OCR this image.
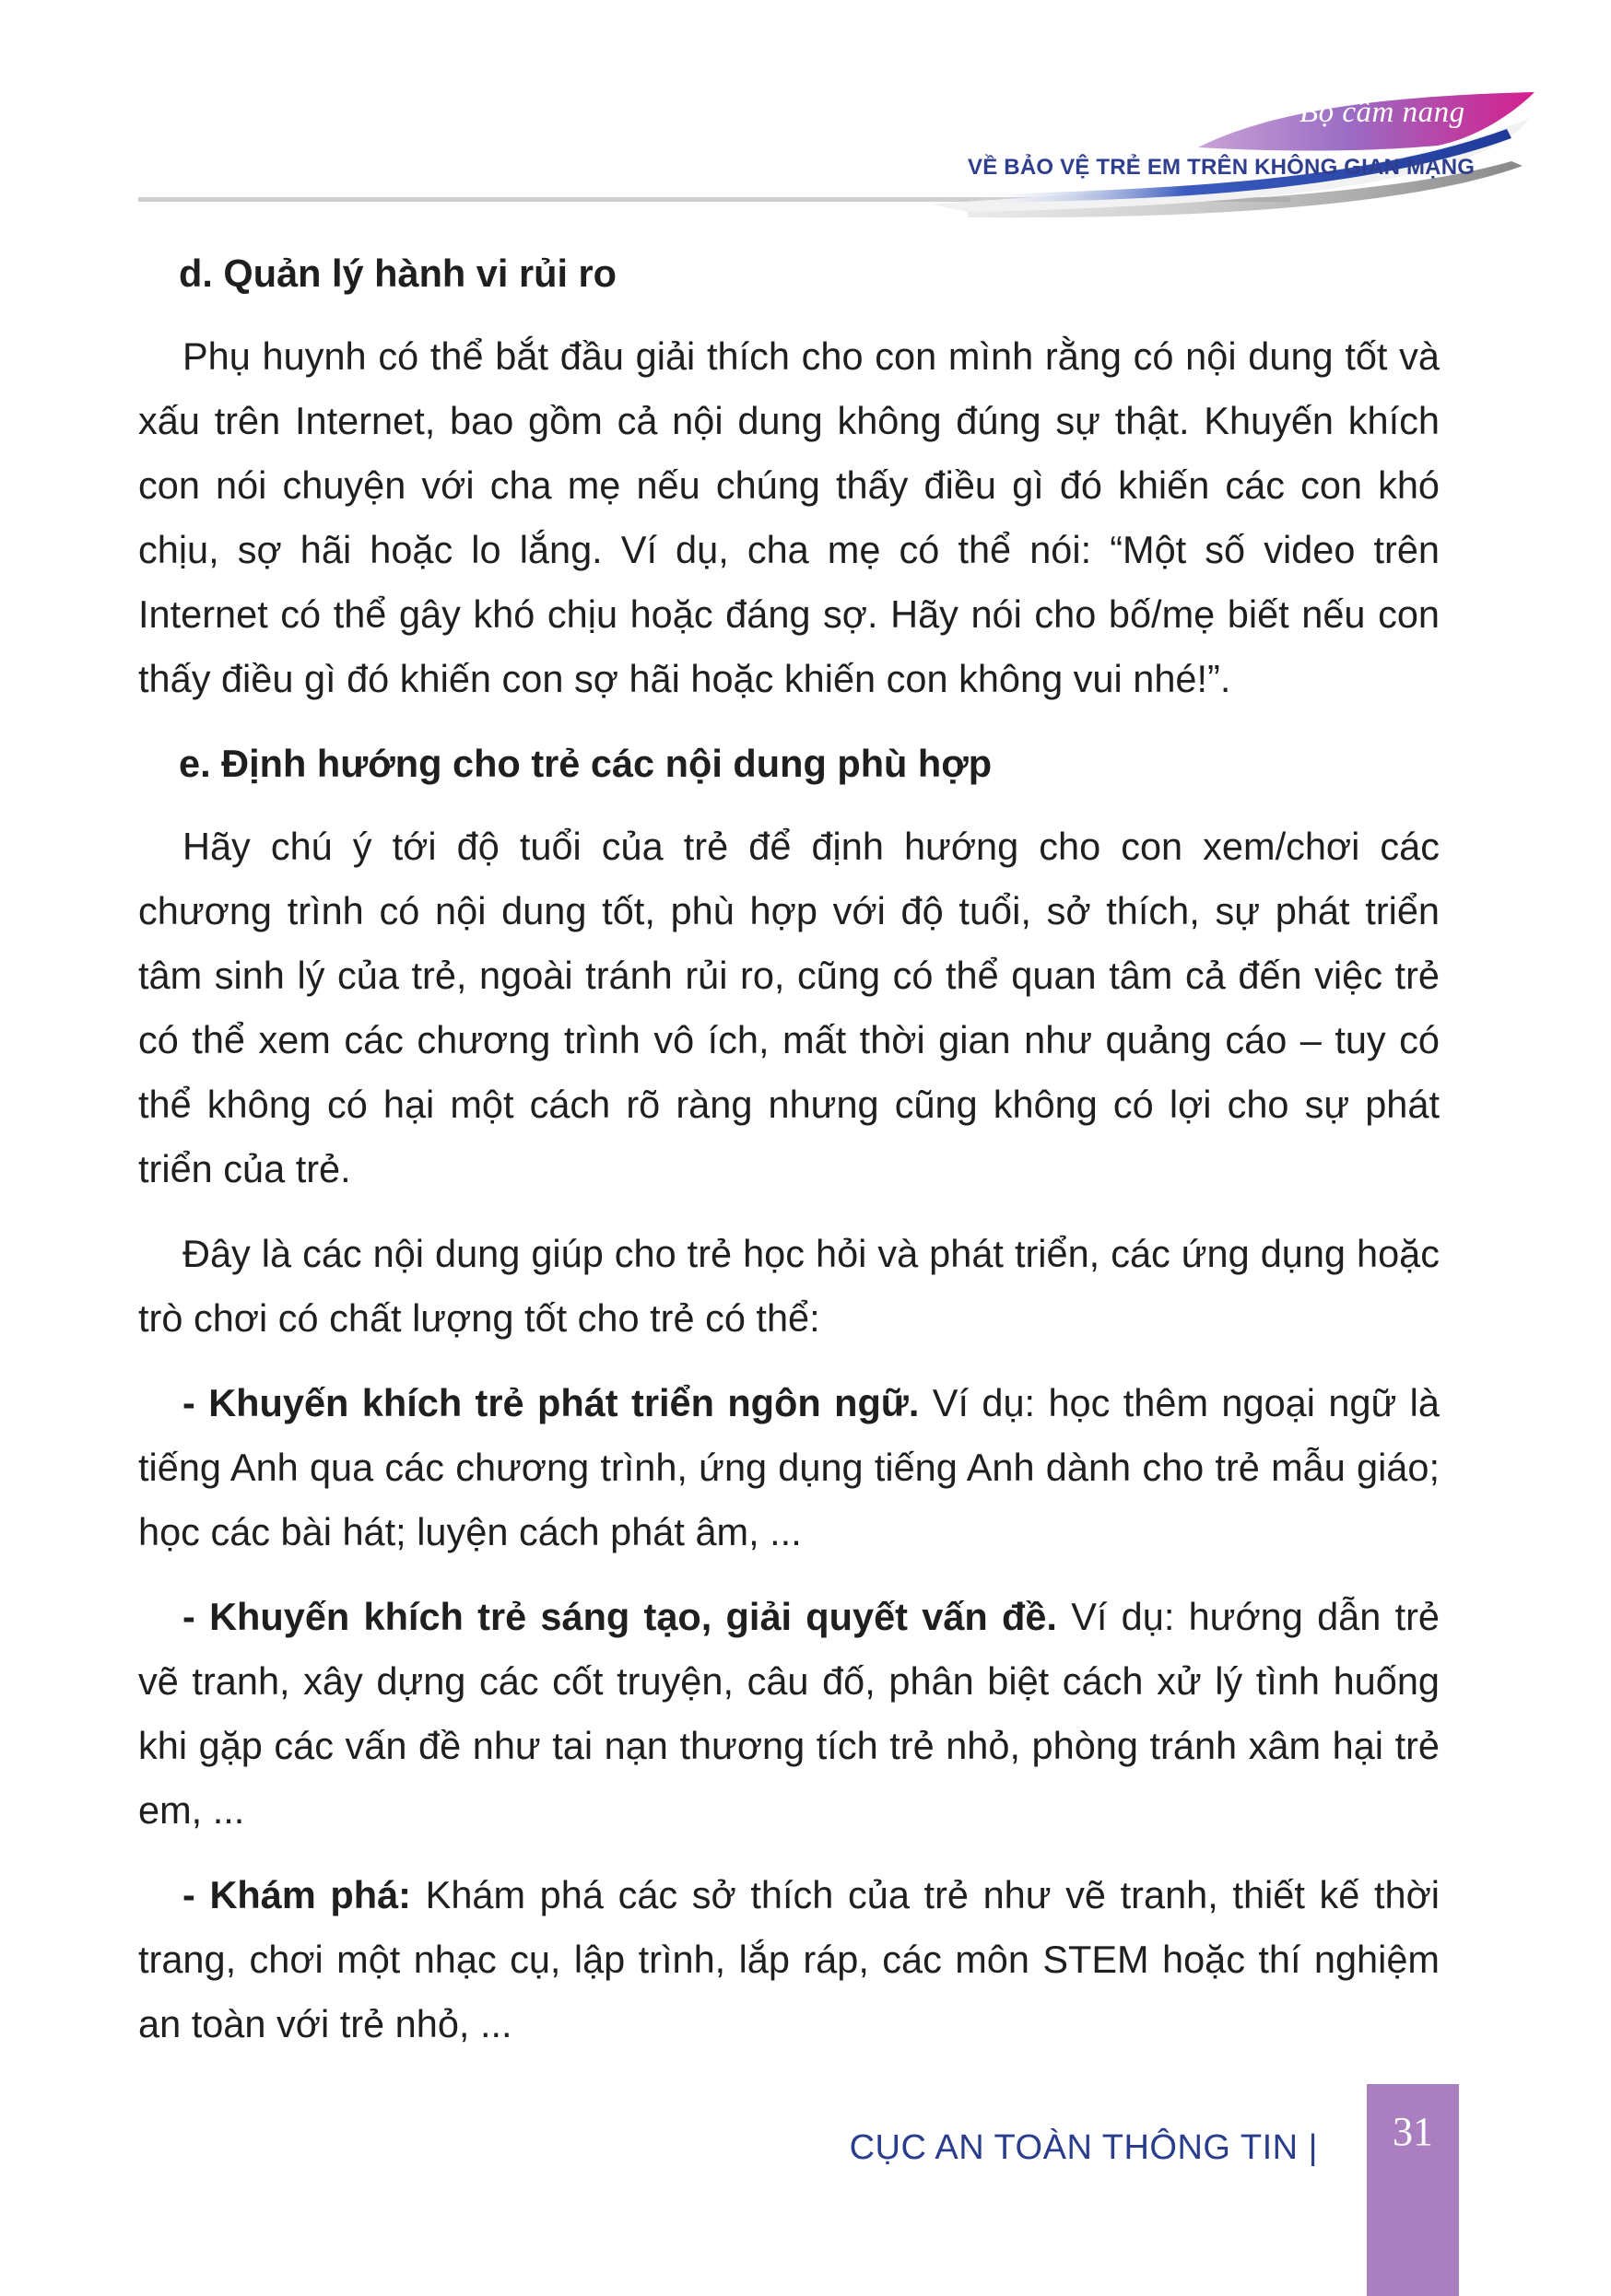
Bộ cẩm nang
VỀ BẢO VỆ TRẺ EM TRÊN KHÔNG GIAN MẠNG
d. Quản lý hành vi rủi ro

Phụ huynh có thể bắt đầu giải thích cho con mình rằng có nội dung tốt và xấu trên Internet, bao gồm cả nội dung không đúng sự thật. Khuyến khích con nói chuyện với cha mẹ nếu chúng thấy điều gì đó khiến các con khó chịu, sợ hãi hoặc lo lắng. Ví dụ, cha mẹ có thể nói: “Một số video trên Internet có thể gây khó chịu hoặc đáng sợ. Hãy nói cho bố/mẹ biết nếu con thấy điều gì đó khiến con sợ hãi hoặc khiến con không vui nhé!”.

e. Định hướng cho trẻ các nội dung phù hợp

Hãy chú ý tới độ tuổi của trẻ để định hướng cho con xem/chơi các chương trình có nội dung tốt, phù hợp với độ tuổi, sở thích, sự phát triển tâm sinh lý của trẻ, ngoài tránh rủi ro, cũng có thể quan tâm cả đến việc trẻ có thể xem các chương trình vô ích, mất thời gian như quảng cáo – tuy có thể không có hại một cách rõ ràng nhưng cũng không có lợi cho sự phát triển của trẻ.

Đây là các nội dung giúp cho trẻ học hỏi và phát triển, các ứng dụng hoặc trò chơi có chất lượng tốt cho trẻ có thể:

- Khuyến khích trẻ phát triển ngôn ngữ. Ví dụ: học thêm ngoại ngữ là tiếng Anh qua các chương trình, ứng dụng tiếng Anh dành cho trẻ mẫu giáo; học các bài hát; luyện cách phát âm, ...

- Khuyến khích trẻ sáng tạo, giải quyết vấn đề. Ví dụ: hướng dẫn trẻ vẽ tranh, xây dựng các cốt truyện, câu đố, phân biệt cách xử lý tình huống khi gặp các vấn đề như tai nạn thương tích trẻ nhỏ, phòng tránh xâm hại trẻ em, ...

- Khám phá: Khám phá các sở thích của trẻ như vẽ tranh, thiết kế thời trang, chơi một nhạc cụ, lập trình, lắp ráp, các môn STEM hoặc thí nghiệm an toàn với trẻ nhỏ, ...

CỤC AN TOÀN THÔNG TIN |	31
